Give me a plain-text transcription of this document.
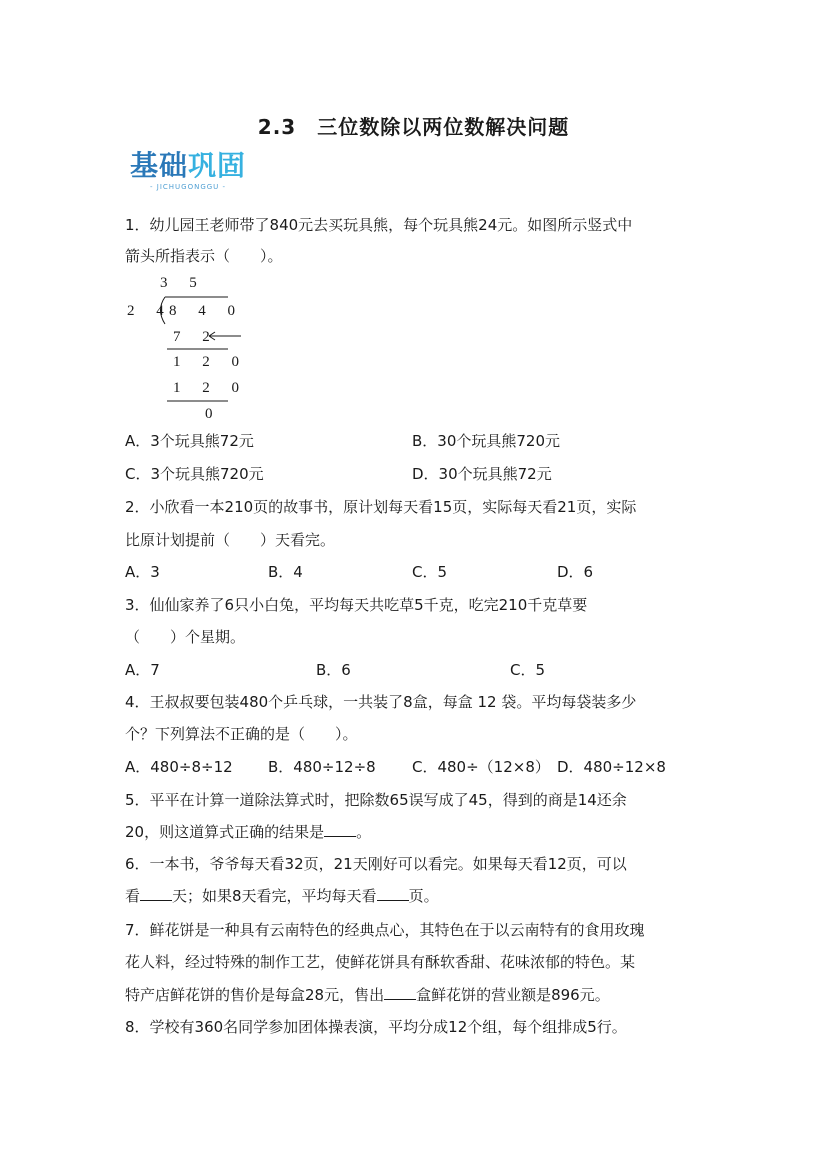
2.3　三位数除以两位数解决问题
基础巩固
- JICHUGONGGU -
1．幼儿园王老师带了840元去买玩具熊，每个玩具熊24元。如图所示竖式中
箭头所指表示（　　）。
3 5
2 4
8 4 0
7 2
1 2 0
1 2 0
0
A．3个玩具熊72元	B．30个玩具熊720元
C．3个玩具熊720元	D．30个玩具熊72元
2．小欣看一本210页的故事书，原计划每天看15页，实际每天看21页，实际
比原计划提前（　　）天看完。
A．3	B．4	C．5	D．6
3．仙仙家养了6只小白兔，平均每天共吃草5千克，吃完210千克草要
（　　）个星期。
A．7	B．6	C．5
4．王叔叔要包装480个乒乓球，一共装了8盒，每盒 12 袋。平均每袋装多少
个？下列算法不正确的是（　　）。
A．480÷8÷12 B．480÷12÷8 C．480÷（12×8） D．480÷12×8
5．平平在计算一道除法算式时，把除数65误写成了45，得到的商是14还余
20，则这道算式正确的结果是 。
6．一本书，爷爷每天看32页，21天刚好可以看完。如果每天看12页，可以
看 天；如果8天看完，平均每天看 页。
7．鲜花饼是一种具有云南特色的经典点心，其特色在于以云南特有的食用玫瑰
花人料，经过特殊的制作工艺，使鲜花饼具有酥软香甜、花味浓郁的特色。某
特产店鲜花饼的售价是每盒28元，售出 盒鲜花饼的营业额是896元。
8．学校有360名同学参加团体操表演，平均分成12个组，每个组排成5行。
